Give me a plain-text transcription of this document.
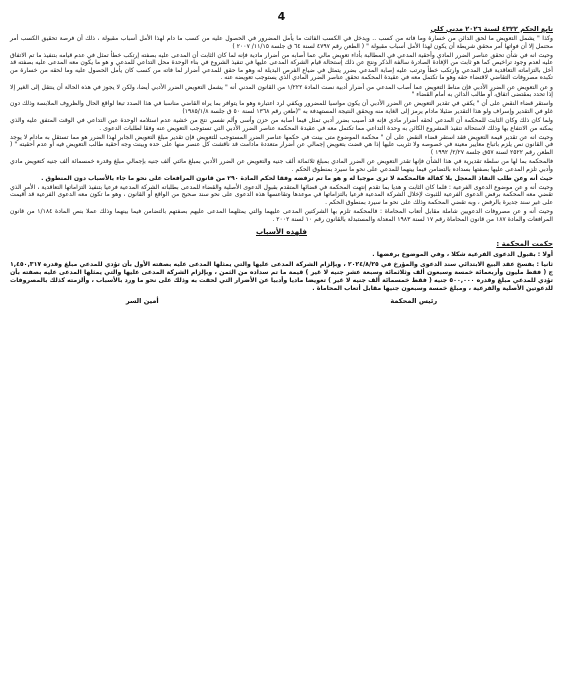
4
تابع الحكم ٤٣٢٢ لسنة ٢٠٢٦ مدني كلي

وكذا " يشمل التعويض ما لحق الدائن من خسارة وما فاته من كسب .. ويدخل في الكسب الفائت ما يأمل المضرور في الحصول عليه من كسب ما دام لهذا الأمل أسباب مقبولة ، ذلك أن فرصة تحقيق الكسب أمر محتمل إلا أن فواتها أمر محقق شريطة أن يكون لهذا الأمل أسباب مقبولة " ( الطعن رقم ٤٧٩٧ لسنة ٦٤ ق جلسة ١١/١٥/ ٢٠٠٧ )

وحيث انه في شأن تحقق عناصر الضرر المادي وأحقية المدعي في المطالبة بأداء تعويض مالي عما أصابه من أضرار مادية فإنه لما كان الثابت أن المدعى عليه بصفته إرتكب خطأ تمثل في عدم قيامه بتنفيذ ما تم الاتفاق عليه لعدم وجود تراخيص كما هو ثابت من الإفادة الصادرة سالفة الذكر ونتج عن ذلك إستحالة قيام الشركة المدعى عليها في تنفيذ الشروع في بناء الوحدة محل التداعي للمدعي و هو ما يكون معه المدعى عليه بصفته قد أخل بالتزاماته التعاقدية قبل المدعي وارتكب خطأ وترتب عليه إصابة المدعي بضرر يتمثل في ضياع الفرص البديلة له وهو ما حقق للمدعي أضرار لما فاته من كسب كان يأمل الحصول عليه وما لحقه من خسارة من تكبده مصروفات التقاضي لاقتضاء حقه وهو ما تكتمل معه في عقيدة المحكمة تحقق عناصر الضرر المادي الذي يستوجب تعويضه عنه .

و عن التعويض عن الضرر الأدبي فإن مناط التعويض عما أصاب المدعي من أضرار أدبية نصت المادة ١/٢٢٢ من القانون المدني أنه " يشمل التعويض الضرر الأدبي أيضا، ولكن لا يجوز في هذه الحالة أن ينتقل إلى الغير إلا إذا تحدد بمقتضى اتفاق، أو طالب الدائن به أمام القضاء "

واستقر قضاء النقض على أن " يكفي في تقدير التعويض عن الضرر الأدبي أن يكون مواسيا للمضرور ويكفي لرد اعتباره وهو ما يتوافر بما يراه القاضي مناسبا في هذا الصدد تبعا لواقع الحال والظروف الملابسة وذلك دون غلو في التقدير وإسراف ولو هذا التقدير ضئيلا مادام يرمز إلى الغاية منه ويحقق النتيجة المستهدفة به "(طعن رقم ١٣٦٨ لسنة ٥٠ ق جلسة ١٩٨٥/١/٨)

ولما كان ذلك وكان الثابت للمحكمة أن المدعي لحقه أضرار مادي فإنه قد أصيب بضرر أدبي تمثل فيما أصابه من حزن وأسى وألم نفسي نتج من خشية عدم استلامه الوحدة عين التداعي في الوقت المتفق عليه والذي يمكنه من الانتفاع بها وذلك لاستحالة تنفيذ المشروع الكائن به وحدة التداعي مما تكتمل معه في عقيدة المحكمة عناصر الضرر الأدبي التي تستوجب التعويض عنه وفقا لطلبات الدعوى .

وحيث انه عن تقدير قيمة التعويض فقد استقر قضاء النقض على أن " محكمة الموضوع متى بينت في حكمها عناصر الضرر المستوجب للتعويض فإن تقدير مبلغ التعويض الجابر لهذا الضرر هو مما تستقل به مادام لا يوجد في القانون نص يلزم باتباع معايير معينة في خصوصه ولا تثريب عليها إذا هي قضت بتعويض إجمالي عن أضرار متعددة مادامت قد ناقشت كل عنصر منها على حده وبينت وجه أحقية طالب التعويض فيه أو عدم أحقيته " ( الطعن رقم ٢٥٢٢ لسنة ٥٧ق جلسة ٢/٢٧/ ١٩٩٢ )

فالمحكمة بما لها من سلطة تقديرية في هذا الشأن فإنها تقدر التعويض عن الضرر المادي بمبلغ ثلاثمائة ألف جنيه والتعويض عن الضرر الأدبي بمبلغ مائتي ألف جنيه بإجمالي مبلغ وقدره خمسمائة ألف جنيه كتعويض مادي وأدبي تلزم المدعى عليها بصفتها بسداده بالتضامن فيما بينهما للمدعي على نحو ما سيرد بمنطوق الحكم .

حيث أنه وعن طلب النفاذ المعجل بلا كفالة فالمحكمة لا ترى موجبا له و هو ما تم ترفضه وفقا لحكم المادة ٢٩٠ من قانون المرافعات على نحو ما جاء بالأسباب دون المنطوق .

وحيث أنه و عن موضوع الدعوى الفرعية : فلما كان الثابت و هديا بما تقدم إنتهت المحكمة في قضائها المتقدم بقبول الدعوى الأصلية والقضاء للمدعى بطلباته الشركة المدعية فرعيا بتنفيذ التزاماتها التعاقدية ، الأمر الذي تقضي معه المحكمة برفض الدعوى الفرعية للثبوت لإخلال الشركة المدعية فرعيا بالتزاماتها في موعدها وتقاعسها هذه الدعوى على نحو سند صحيح من الواقع أو القانون ، وهو ما تكون معه الدعوى الفرعية قد أقيمت على غير سند جديرة بالرفض ، وبه تقضي المحكمة وذلك على نحو ما سيرد بمنطوق الحكم .

وحيث أنه و عن مصروفات الدعويين شاملة مقابل أتعاب المحاماة : فالمحكمة تلزم بها الشركتين المدعى عليهما والتي يمثلهما المدعى عليهم بصفتهم بالتضامن فيما بينهما وذلك عملا بنص المادة ١/١٨٤ من قانون المرافعات والمادة ١٨٧ من قانون المحاماة رقم ١٧ لسنة ١٩٨٣ المعدلة والمستبدلة بالقانون رقم ١٠ لسنة ٢٠٠٢ .

فلهذه الأسباب
حكمت المحكمة :

أولا : بقبول الدعوى الفرعية شكلا ، وفي الموضوع برفضها .

ثانيا : بفسخ عقد البيع الابتدائي سند الدعوى والمؤرخ في ٢٠٢٤/٨/٢٥ ، وبإلزام الشركة المدعى عليها والتي يمثلها المدعى عليه بصفته الأول بأن تؤدي للمدعي مبلغ وقدره ١,٤٥٠,٣١٧ ج ( فقط مليون وأربعمائة خمسة وسبعون ألف وثلاثمائة وسبعة عشر جنيه لا غير ) قيمة ما تم سداده من الثمن ، وبإلزام الشركة المدعى عليها والتي يمثلها المدعى عليه بصفته بأن تؤدي للمدعي مبلغ وقدره ٥٠٠,٠٠٠ جنيه ( فقط خمسمائة ألف جنيه لا غير ) تعويضا ماديا وأدبيا عن الأضرار التي لحقت به وذلك على نحو ما ورد بالأسباب ، وألزمته كذلك بالمصروفات للدعوتين الأصلية والفرعية ، ومبلغ خمسة وسبعون جنيها مقابل أتعاب المحاماة .

رئيس المحكمة
أمين السر
